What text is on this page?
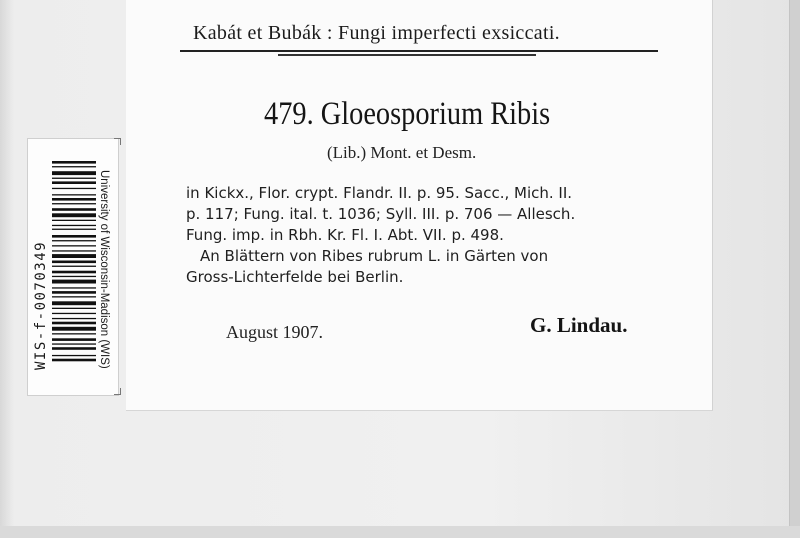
Kabát et Bubák : Fungi imperfecti exsiccati.
479. Gloeosporium Ribis
(Lib.) Mont. et Desm.
in Kickx., Flor. crypt. Flandr. II. p. 95. Sacc., Mich. II.
p. 117; Fung. ital. t. 1036; Syll. III. p. 706 — Allesch.
Fung. imp. in Rbh. Kr. Fl. I. Abt. VII. p. 498.
An Blättern von Ribes rubrum L. in Gärten von
Gross-Lichterfelde bei Berlin.
August 1907.	G. Lindau.
University of Wisconsin-Madison (WIS)
WIS-f-0070349
